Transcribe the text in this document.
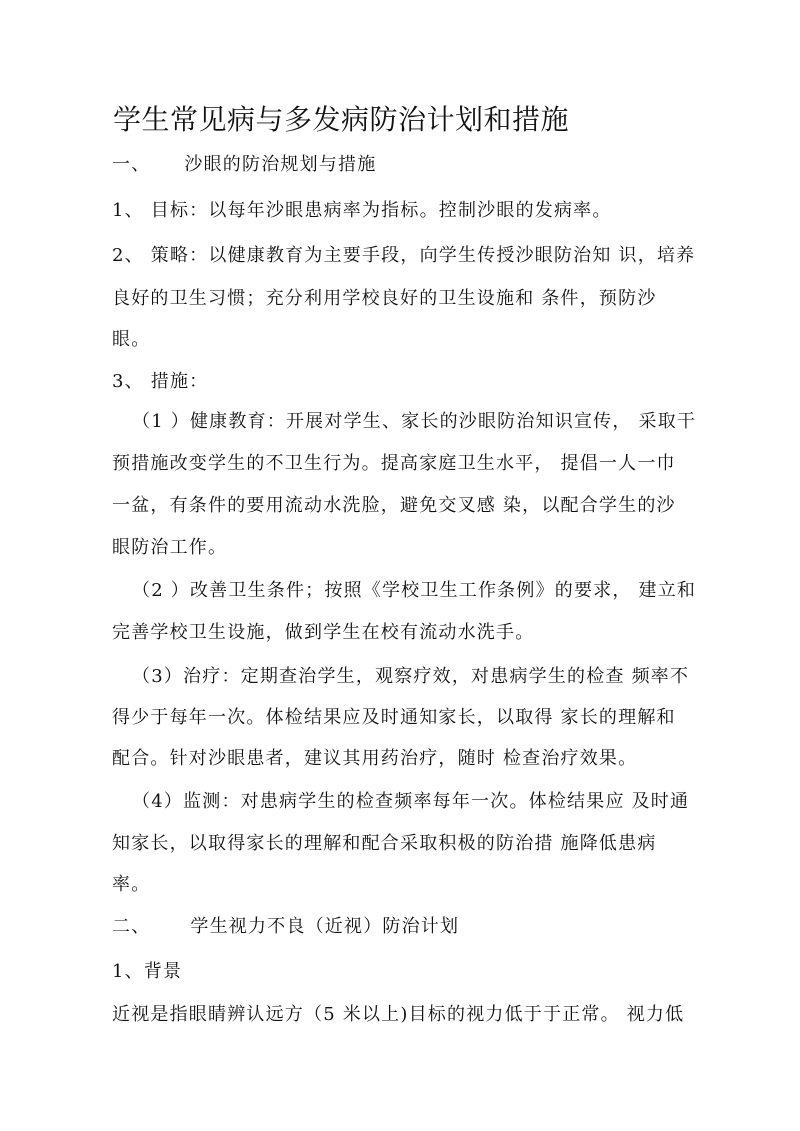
学生常见病与多发病防治计划和措施
一、 沙眼的防治规划与措施
1、 目标：以每年沙眼患病率为指标。控制沙眼的发病率。
2、 策略：以健康教育为主要手段，向学生传授沙眼防治知 识，培养
良好的卫生习惯；充分利用学校良好的卫生设施和 条件，预防沙
眼。
3、 措施：
（1 ）健康教育：开展对学生、家长的沙眼防治知识宣传， 采取干
预措施改变学生的不卫生行为。提高家庭卫生水平， 提倡一人一巾
一盆，有条件的要用流动水洗脸，避免交叉感 染，以配合学生的沙
眼防治工作。
（2 ）改善卫生条件；按照《学校卫生工作条例》的要求， 建立和
完善学校卫生设施，做到学生在校有流动水洗手。
（3）治疗：定期查治学生，观察疗效，对患病学生的检查 频率不
得少于每年一次。体检结果应及时通知家长，以取得 家长的理解和
配合。针对沙眼患者，建议其用药治疗，随时 检查治疗效果。
（4）监测：对患病学生的检查频率每年一次。体检结果应 及时通
知家长，以取得家长的理解和配合采取积极的防治措 施降低患病
率。
二、 学生视力不良（近视）防治计划
1、背景
近视是指眼睛辨认远方（5 米以上)目标的视力低于于正常。 视力低
